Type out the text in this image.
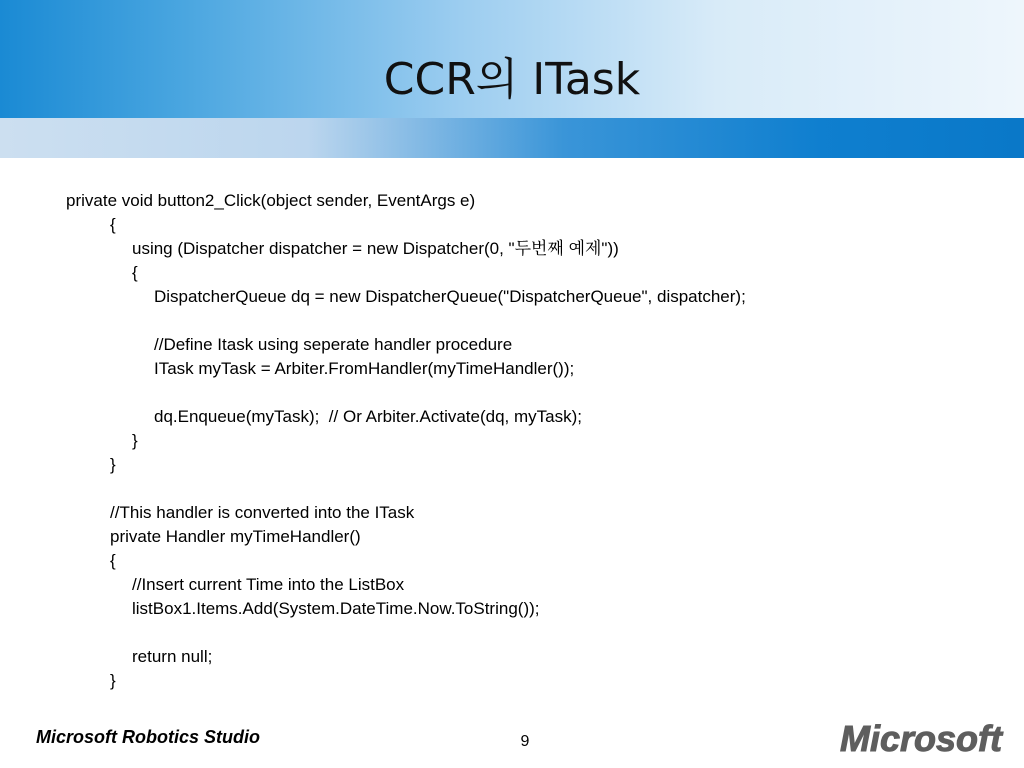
CCR의 ITask
private void button2_Click(object sender, EventArgs e)
{
using (Dispatcher dispatcher = new Dispatcher(0, "두번째 예제"))
{
DispatcherQueue dq = new DispatcherQueue("DispatcherQueue", dispatcher);
//Define Itask using seperate handler procedure
ITask myTask = Arbiter.FromHandler(myTimeHandler());
dq.Enqueue(myTask);  // Or Arbiter.Activate(dq, myTask);
}
}
//This handler is converted into the ITask
private Handler myTimeHandler()
{
//Insert current Time into the ListBox
listBox1.Items.Add(System.DateTime.Now.ToString());
return null;
}
Microsoft Robotics Studio	9	Microsoft
